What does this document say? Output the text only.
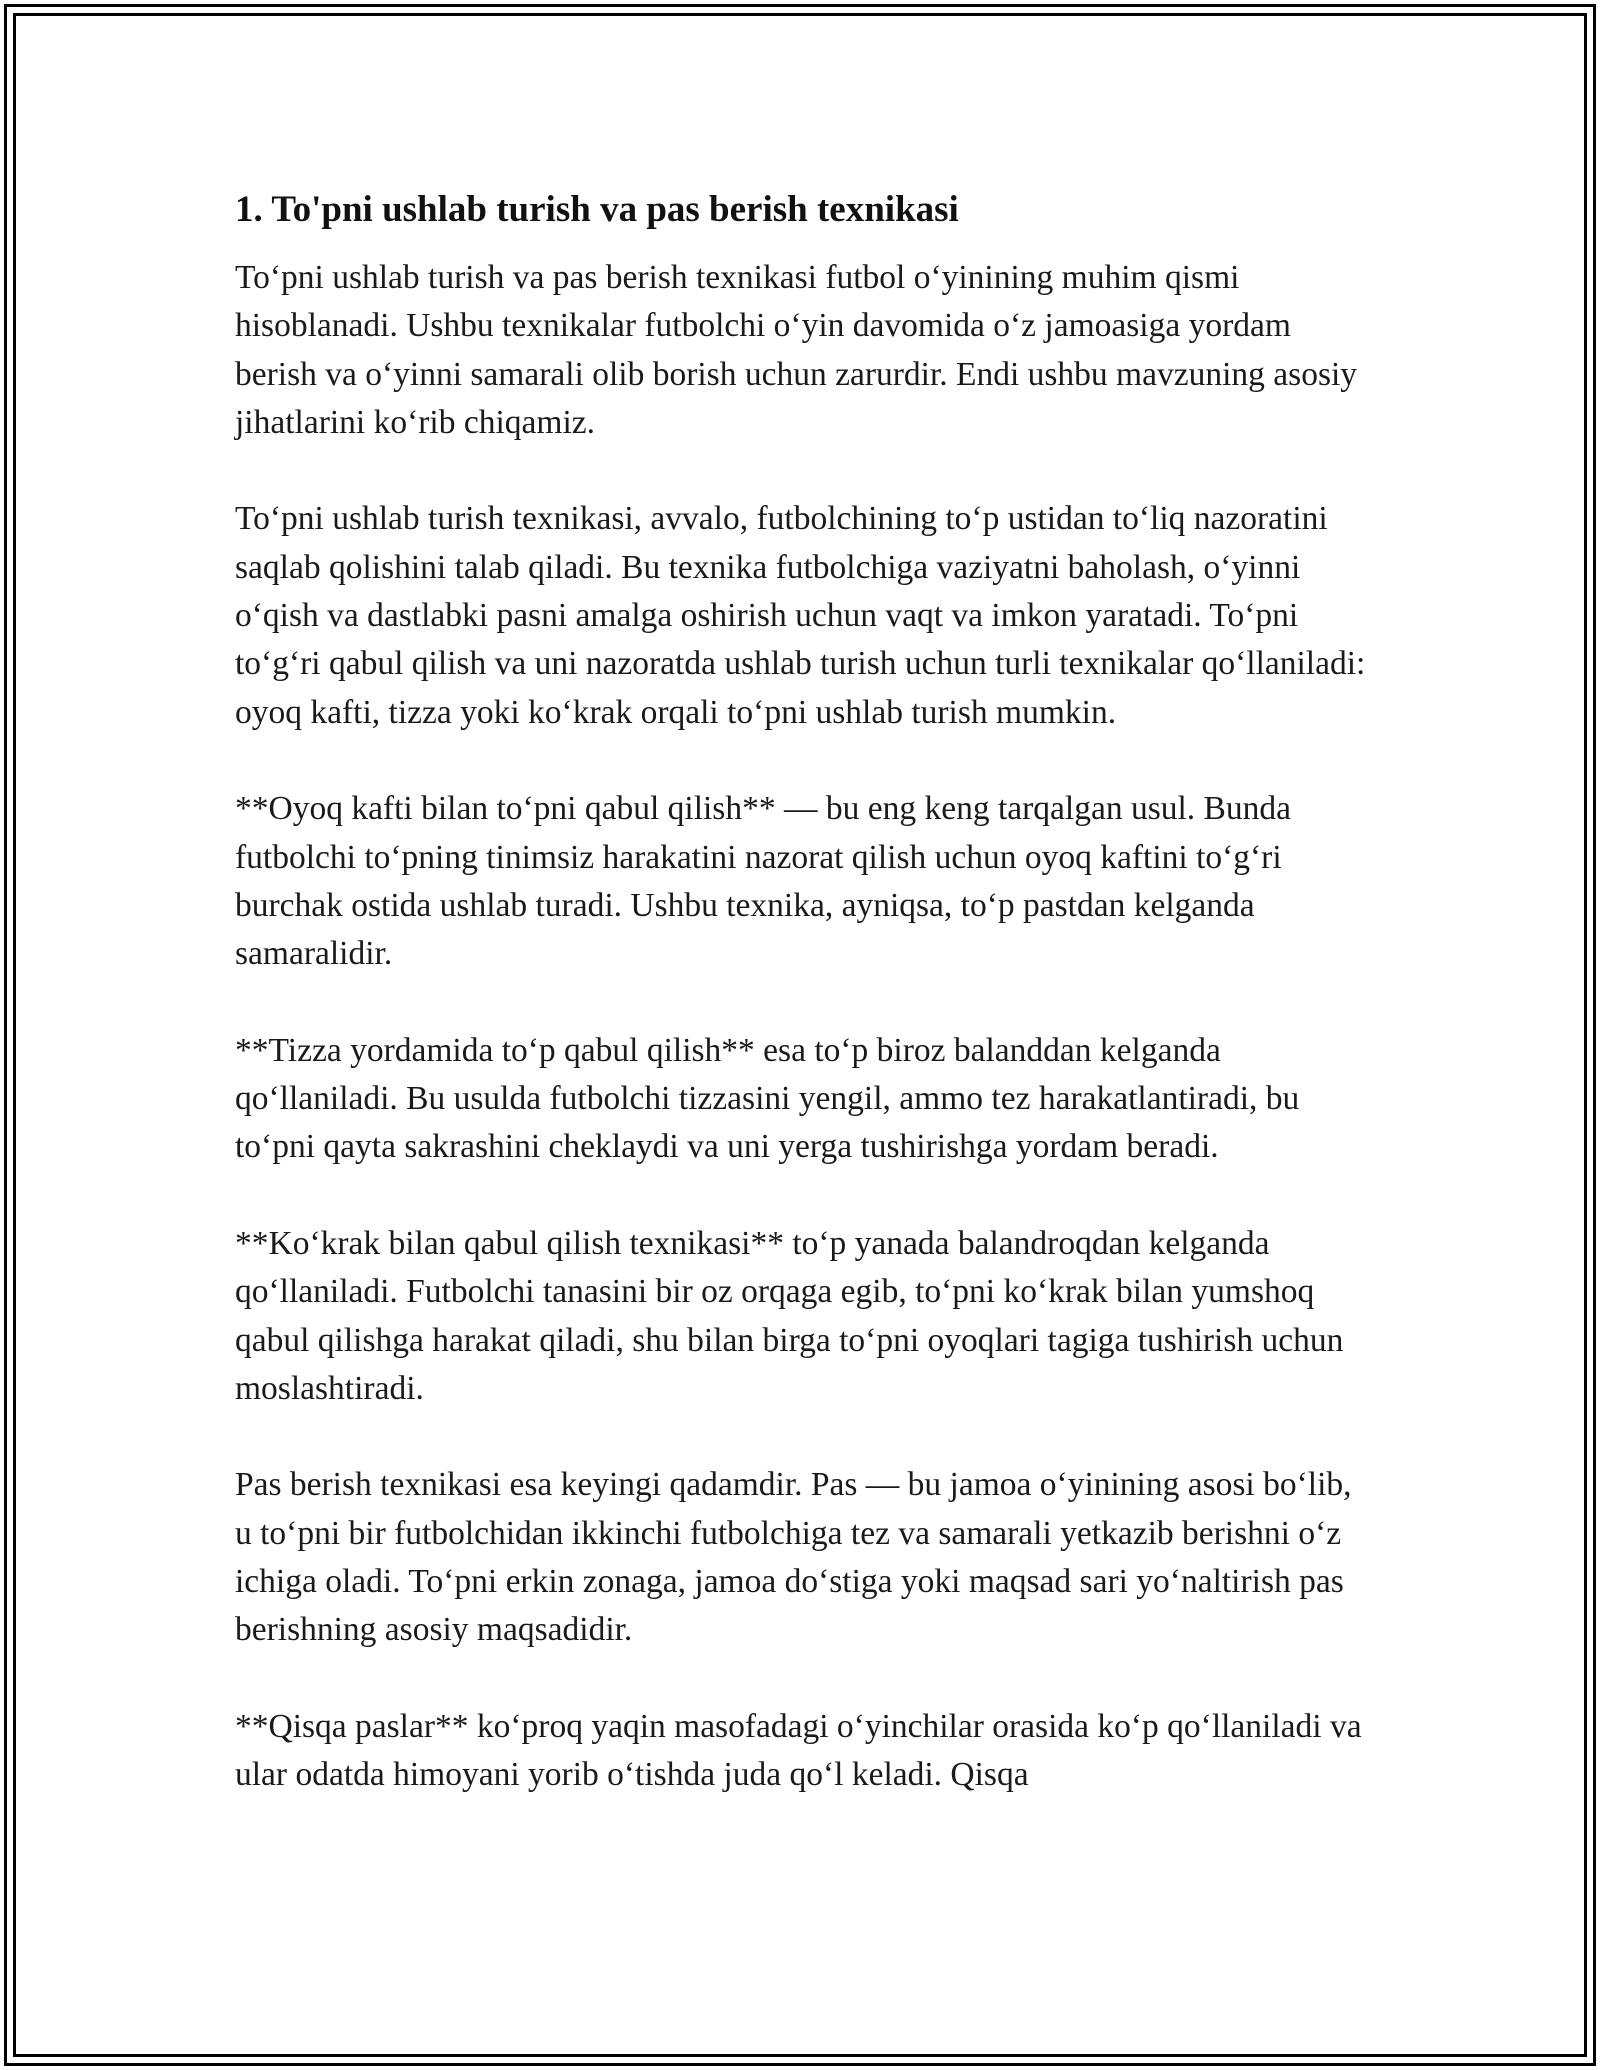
1. To'pni ushlab turish va pas berish texnikasi

To‘pni ushlab turish va pas berish texnikasi futbol o‘yinining muhim qismi hisoblanadi. Ushbu texnikalar futbolchi o‘yin davomida o‘z jamoasiga yordam berish va o‘yinni samarali olib borish uchun zarurdir. Endi ushbu mavzuning asosiy jihatlarini ko‘rib chiqamiz.

To‘pni ushlab turish texnikasi, avvalo, futbolchining to‘p ustidan to‘liq nazoratini saqlab qolishini talab qiladi. Bu texnika futbolchiga vaziyatni baholash, o‘yinni o‘qish va dastlabki pasni amalga oshirish uchun vaqt va imkon yaratadi. To‘pni to‘g‘ri qabul qilish va uni nazoratda ushlab turish uchun turli texnikalar qo‘llaniladi: oyoq kafti, tizza yoki ko‘krak orqali to‘pni ushlab turish mumkin.

**Oyoq kafti bilan to‘pni qabul qilish** — bu eng keng tarqalgan usul. Bunda futbolchi to‘pning tinimsiz harakatini nazorat qilish uchun oyoq kaftini to‘g‘ri burchak ostida ushlab turadi. Ushbu texnika, ayniqsa, to‘p pastdan kelganda samaralidir.

**Tizza yordamida to‘p qabul qilish** esa to‘p biroz balanddan kelganda qo‘llaniladi. Bu usulda futbolchi tizzasini yengil, ammo tez harakatlantiradi, bu to‘pni qayta sakrashini cheklaydi va uni yerga tushirishga yordam beradi.

**Ko‘krak bilan qabul qilish texnikasi** to‘p yanada balandroqdan kelganda qo‘llaniladi. Futbolchi tanasini bir oz orqaga egib, to‘pni ko‘krak bilan yumshoq qabul qilishga harakat qiladi, shu bilan birga to‘pni oyoqlari tagiga tushirish uchun moslashtiradi.

Pas berish texnikasi esa keyingi qadamdir. Pas — bu jamoa o‘yinining asosi bo‘lib, u to‘pni bir futbolchidan ikkinchi futbolchiga tez va samarali yetkazib berishni o‘z ichiga oladi. To‘pni erkin zonaga, jamoa do‘stiga yoki maqsad sari yo‘naltirish pas berishning asosiy maqsadidir.

**Qisqa paslar** ko‘proq yaqin masofadagi o‘yinchilar orasida ko‘p qo‘llaniladi va ular odatda himoyani yorib o‘tishda juda qo‘l keladi. Qisqa
